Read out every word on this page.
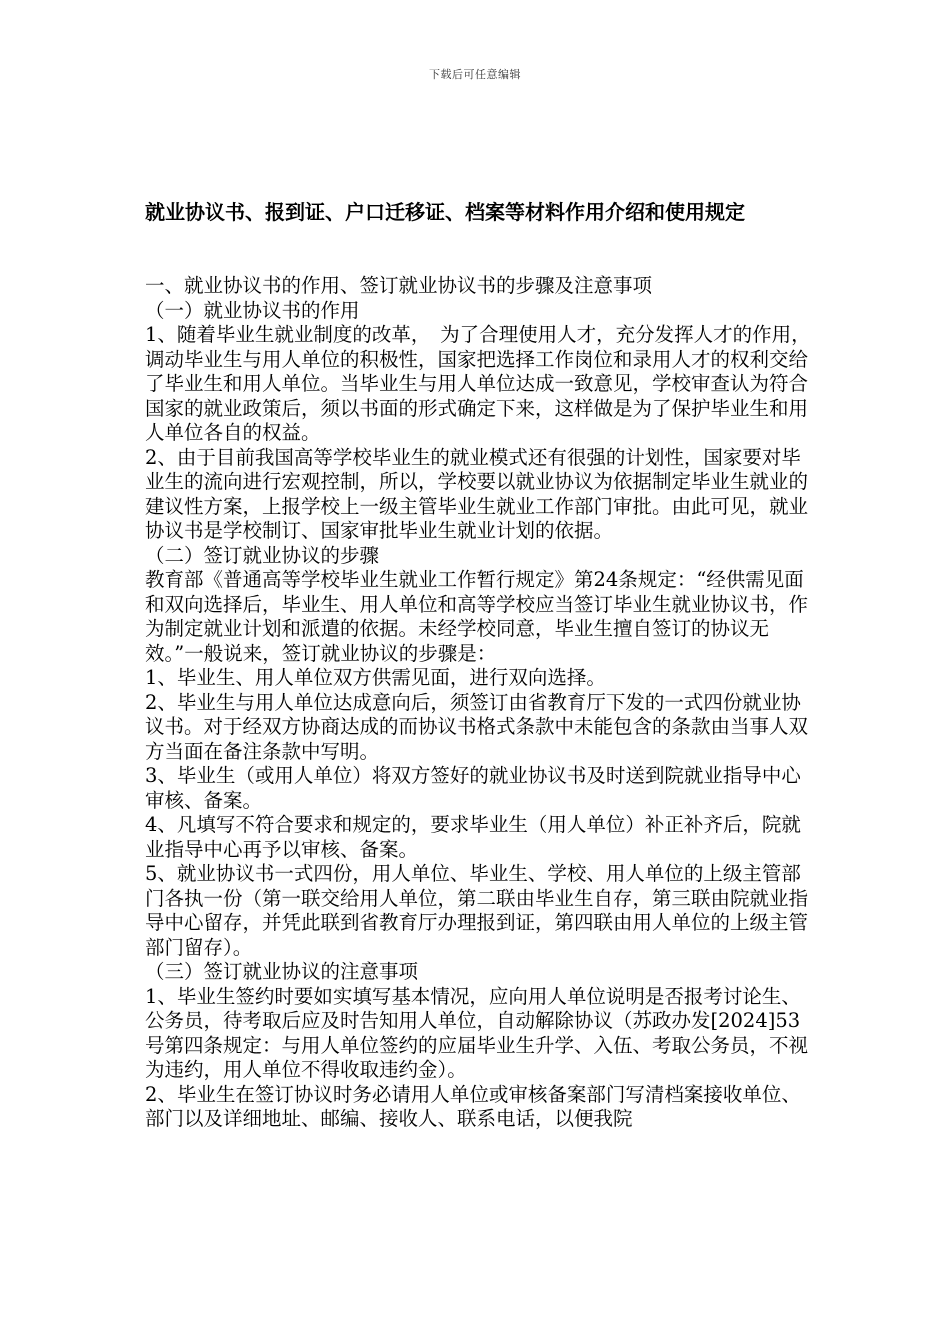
下载后可任意编辑
就业协议书、报到证、户口迁移证、档案等材料作用介绍和使用规定

一、就业协议书的作用、签订就业协议书的步骤及注意事项

（一）就业协议书的作用

1、随着毕业生就业制度的改革，　为了合理使用人才，充分发挥人才的作用，调动毕业生与用人单位的积极性，国家把选择工作岗位和录用人才的权利交给了毕业生和用人单位。当毕业生与用人单位达成一致意见，学校审查认为符合国家的就业政策后，须以书面的形式确定下来，这样做是为了保护毕业生和用人单位各自的权益。

2、由于目前我国高等学校毕业生的就业模式还有很强的计划性，国家要对毕业生的流向进行宏观控制，所以，学校要以就业协议为依据制定毕业生就业的建议性方案，上报学校上一级主管毕业生就业工作部门审批。由此可见，就业协议书是学校制订、国家审批毕业生就业计划的依据。

（二）签订就业协议的步骤

教育部《普通高等学校毕业生就业工作暂行规定》第24条规定：“经供需见面和双向选择后，毕业生、用人单位和高等学校应当签订毕业生就业协议书，作为制定就业计划和派遣的依据。未经学校同意，毕业生擅自签订的协议无效。”一般说来，签订就业协议的步骤是：

1、毕业生、用人单位双方供需见面，进行双向选择。

2、毕业生与用人单位达成意向后，须签订由省教育厅下发的一式四份就业协议书。对于经双方协商达成的而协议书格式条款中未能包含的条款由当事人双方当面在备注条款中写明。

3、毕业生（或用人单位）将双方签好的就业协议书及时送到院就业指导中心审核、备案。

4、凡填写不符合要求和规定的，要求毕业生（用人单位）补正补齐后，院就业指导中心再予以审核、备案。

5、就业协议书一式四份，用人单位、毕业生、学校、用人单位的上级主管部门各执一份（第一联交给用人单位，第二联由毕业生自存，第三联由院就业指导中心留存，并凭此联到省教育厅办理报到证，第四联由用人单位的上级主管部门留存）。

（三）签订就业协议的注意事项

1、毕业生签约时要如实填写基本情况，应向用人单位说明是否报考讨论生、公务员，待考取后应及时告知用人单位，自动解除协议（苏政办发[2024]53号第四条规定：与用人单位签约的应届毕业生升学、入伍、考取公务员，不视为违约，用人单位不得收取违约金）。

2、毕业生在签订协议时务必请用人单位或审核备案部门写清档案接收单位、部门以及详细地址、邮编、接收人、联系电话，以便我院
